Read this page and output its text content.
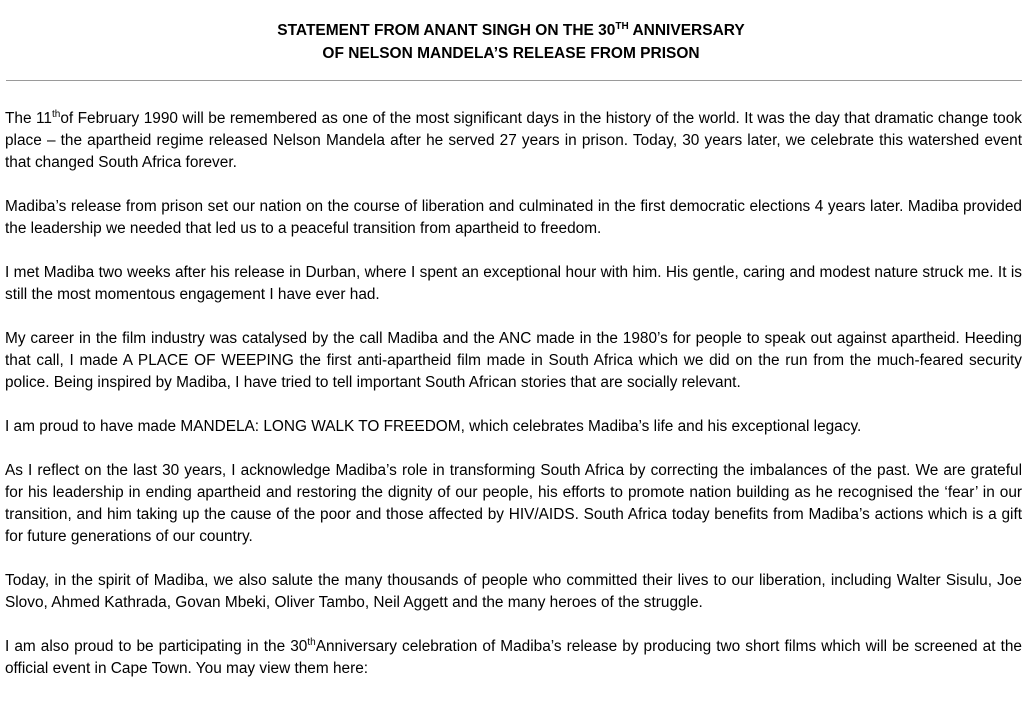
STATEMENT FROM ANANT SINGH ON THE 30TH ANNIVERSARY
OF NELSON MANDELA’S RELEASE FROM PRISON

The 11thof February 1990 will be remembered as one of the most significant days in the history of the world. It was the day that dramatic change took place – the apartheid regime released Nelson Mandela after he served 27 years in prison. Today, 30 years later, we celebrate this watershed event that changed South Africa forever.

Madiba’s release from prison set our nation on the course of liberation and culminated in the first democratic elections 4 years later. Madiba provided the leadership we needed that led us to a peaceful transition from apartheid to freedom.

I met Madiba two weeks after his release in Durban, where I spent an exceptional hour with him. His gentle, caring and modest nature struck me. It is still the most momentous engagement I have ever had.

My career in the film industry was catalysed by the call Madiba and the ANC made in the 1980’s for people to speak out against apartheid. Heeding that call, I made A PLACE OF WEEPING the first anti-apartheid film made in South Africa which we did on the run from the much-feared security police. Being inspired by Madiba, I have tried to tell important South African stories that are socially relevant.

I am proud to have made MANDELA: LONG WALK TO FREEDOM, which celebrates Madiba’s life and his exceptional legacy.

As I reflect on the last 30 years, I acknowledge Madiba’s role in transforming South Africa by correcting the imbalances of the past. We are grateful for his leadership in ending apartheid and restoring the dignity of our people, his efforts to promote nation building as he recognised the ‘fear’ in our transition, and him taking up the cause of the poor and those affected by HIV/AIDS. South Africa today benefits from Madiba’s actions which is a gift for future generations of our country.

Today, in the spirit of Madiba, we also salute the many thousands of people who committed their lives to our liberation, including Walter Sisulu, Joe Slovo, Ahmed Kathrada, Govan Mbeki, Oliver Tambo, Neil Aggett and the many heroes of the struggle.

I am also proud to be participating in the 30thAnniversary celebration of Madiba’s release by producing two short films which will be screened at the official event in Cape Town. You may view them here:
